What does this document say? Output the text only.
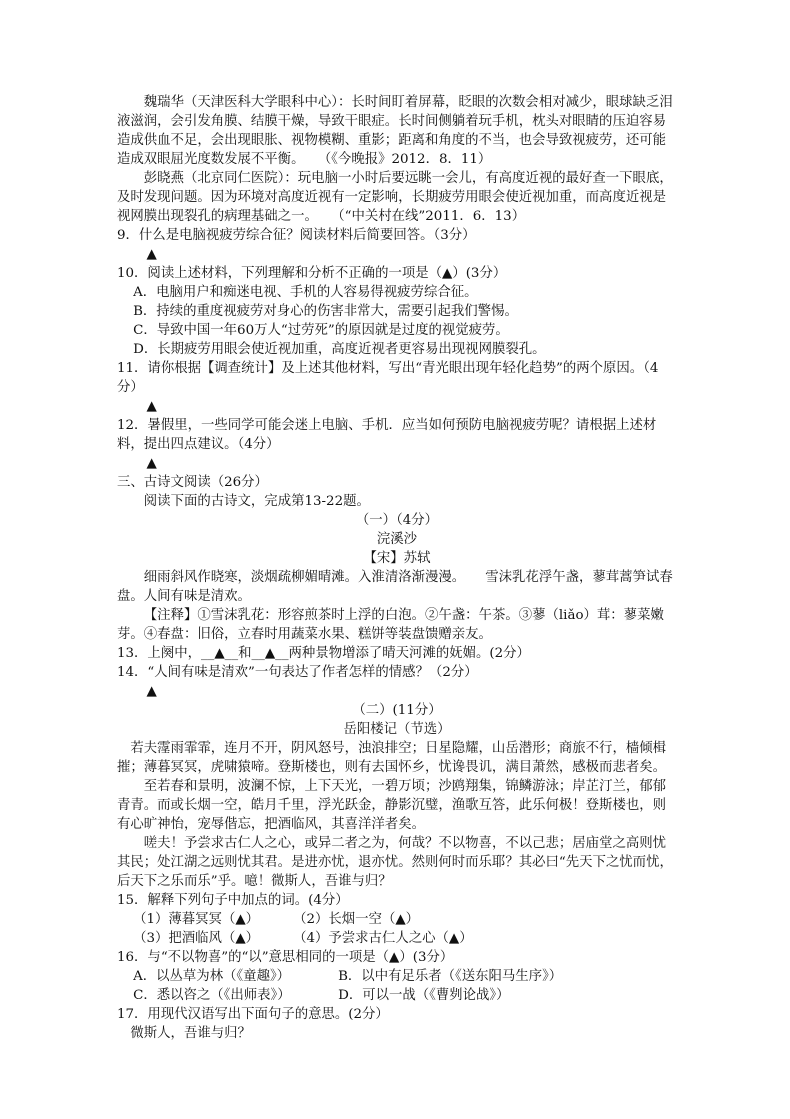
魏瑞华（天津医科大学眼科中心）：长时间盯着屏幕，眨眼的次数会相对减少，眼球缺乏泪液滋润，会引发角膜、结膜干燥，导致干眼症。长时间侧躺着玩手机，枕头对眼睛的压迫容易造成供血不足，会出现眼胀、视物模糊、重影；距离和角度的不当，也会导致视疲劳，还可能造成双眼屈光度数发展不平衡。　　（《今晚报》2012．8．11）

彭晓燕（北京同仁医院）：玩电脑一小时后要远眺一会儿，有高度近视的最好查一下眼底，及时发现问题。因为环境对高度近视有一定影响，长期疲劳用眼会使近视加重，而高度近视是视网膜出现裂孔的病理基础之一。　　（“中关村在线”2011．6．13）

9．什么是电脑视疲劳综合征？阅读材料后简要回答。（3分）

▲

10．阅读上述材料，下列理解和分析不正确的一项是（▲）(3分）

A．电脑用户和痴迷电视、手机的人容易得视疲劳综合征。

B．持续的重度视疲劳对身心的伤害非常大，需要引起我们警惕。

C．导致中国一年60万人“过劳死”的原因就是过度的视觉疲劳。

D．长期疲劳用眼会使近视加重，高度近视者更容易出现视网膜裂孔。

11．请你根据【调查统计】及上述其他材料，写出“青光眼出现年轻化趋势”的两个原因。（4分）

▲

12．暑假里，一些同学可能会迷上电脑、手机．应当如何预防电脑视疲劳呢？请根据上述材料，提出四点建议。（4分）

▲

三、古诗文阅读（26分）

阅读下面的古诗文，完成第13-22题。

（一）（4分）

浣溪沙

【宋】苏轼

细雨斜风作晓寒，淡烟疏柳媚晴滩。入淮清洛渐漫漫。　　雪沫乳花浮午盏，蓼茸蒿笋试春盘。人间有味是清欢。

【注释】①雪沫乳花：形容煎茶时上浮的白泡。②午盏：午茶。③蓼（liǎo）茸：蓼菜嫩芽。④春盘：旧俗，立春时用蔬菜水果、糕饼等装盘馈赠亲友。

13．上阕中，__▲__和__▲__两种景物增添了晴天河滩的妩媚。(2分）

14．“人间有味是清欢”一句表达了作者怎样的情感？（2分）

▲

（二）(11分）

岳阳楼记（节选）

若夫霪雨霏霏，连月不开，阴风怒号，浊浪排空；日星隐耀，山岳潜形；商旅不行，樯倾楫摧；薄暮冥冥，虎啸猿啼。登斯楼也，则有去国怀乡，忧谗畏讥，满目萧然，感极而悲者矣。

至若春和景明，波澜不惊，上下天光，一碧万顷；沙鸥翔集，锦鳞游泳；岸芷汀兰，郁郁青青。而或长烟一空，皓月千里，浮光跃金，静影沉璧，渔歌互答，此乐何极！登斯楼也，则有心旷神怡，宠辱偕忘，把酒临风，其喜洋洋者矣。

嗟夫！予尝求古仁人之心，或异二者之为，何哉？不以物喜，不以己悲；居庙堂之高则忧其民；处江湖之远则忧其君。是进亦忧，退亦忧。然则何时而乐耶？其必曰“先天下之忧而忧，后天下之乐而乐”乎。噫！微斯人，吾谁与归？

15．解释下列句子中加点的词。(4分）

（1）薄暮冥冥（▲）	（2）长烟一空（▲）
（3）把酒临风（▲）	（4）予尝求古仁人之心（▲）

16．与“不以物喜”的“以”意思相同的一项是（▲）(3分）

A．以丛草为林（《童趣》）	B．以中有足乐者（《送东阳马生序》）
C．悉以咨之（《出师表》）	D．可以一战（《曹刿论战》）

17．用现代汉语写出下面句子的意思。(2分）

微斯人，吾谁与归？
